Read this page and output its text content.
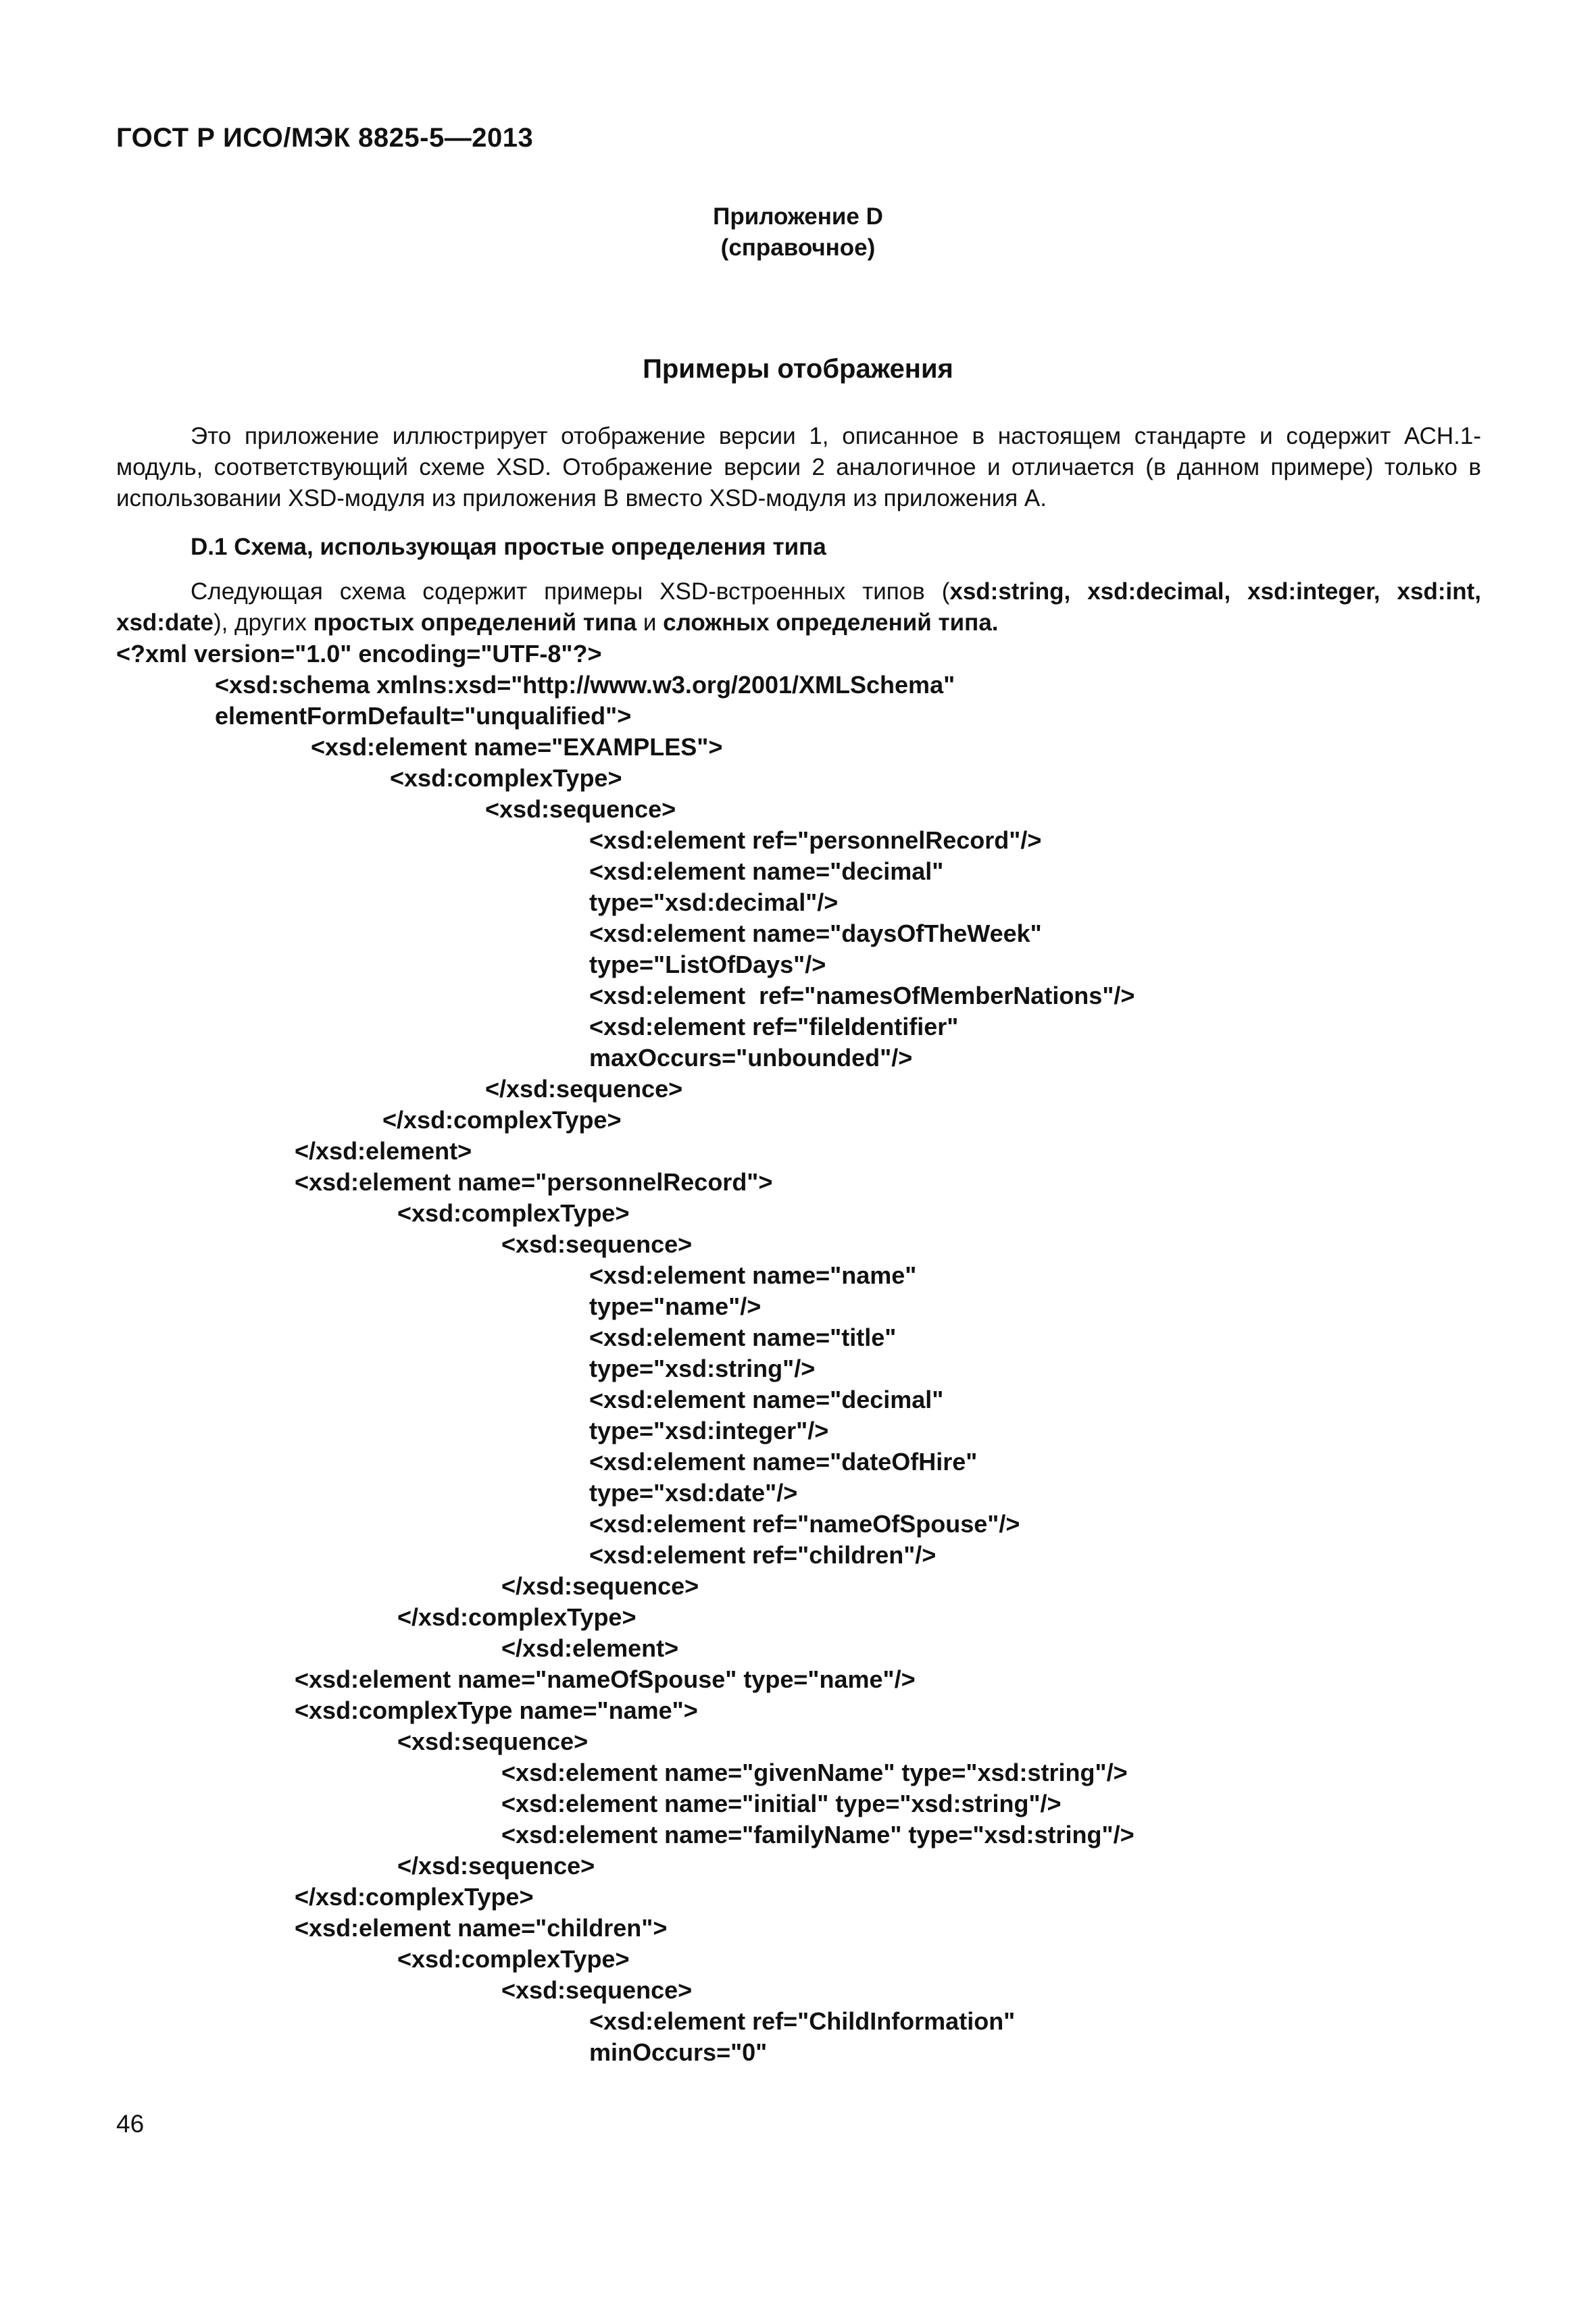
ГОСТ Р ИСО/МЭК 8825-5—2013
Приложение D
(справочное)
Примеры отображения
Это приложение иллюстрирует отображение версии 1, описанное в настоящем стандарте и содержит АСН.1-модуль, соответствующий схеме XSD. Отображение версии 2 аналогичное и отличается (в данном примере) только в использовании XSD-модуля из приложения В вместо XSD-модуля из приложения А.
D.1 Схема, использующая простые определения типа
Следующая схема содержит примеры XSD-встроенных типов (xsd:string, xsd:decimal, xsd:integer, xsd:int, xsd:date), других простых определений типа и сложных определений типа.
<?xml version="1.0" encoding="UTF-8"?>
<xsd:schema xmlns:xsd="http://www.w3.org/2001/XMLSchema"
elementFormDefault="unqualified">
<xsd:element name="EXAMPLES">
<xsd:complexType>
<xsd:sequence>
<xsd:element ref="personnelRecord"/>
<xsd:element name="decimal"
type="xsd:decimal"/>
<xsd:element name="daysOfTheWeek"
type="ListOfDays"/>
<xsd:element  ref="namesOfMemberNations"/>
<xsd:element ref="fileIdentifier"
maxOccurs="unbounded"/>
</xsd:sequence>
</xsd:complexType>
</xsd:element>
<xsd:element name="personnelRecord">
<xsd:complexType>
<xsd:sequence>
<xsd:element name="name"
type="name"/>
<xsd:element name="title"
type="xsd:string"/>
<xsd:element name="decimal"
type="xsd:integer"/>
<xsd:element name="dateOfHire"
type="xsd:date"/>
<xsd:element ref="nameOfSpouse"/>
<xsd:element ref="children"/>
</xsd:sequence>
</xsd:complexType>
</xsd:element>
<xsd:element name="nameOfSpouse" type="name"/>
<xsd:complexType name="name">
<xsd:sequence>
<xsd:element name="givenName" type="xsd:string"/>
<xsd:element name="initial" type="xsd:string"/>
<xsd:element name="familyName" type="xsd:string"/>
</xsd:sequence>
</xsd:complexType>
<xsd:element name="children">
<xsd:complexType>
<xsd:sequence>
<xsd:element ref="ChildInformation"
minOccurs="0"
46
